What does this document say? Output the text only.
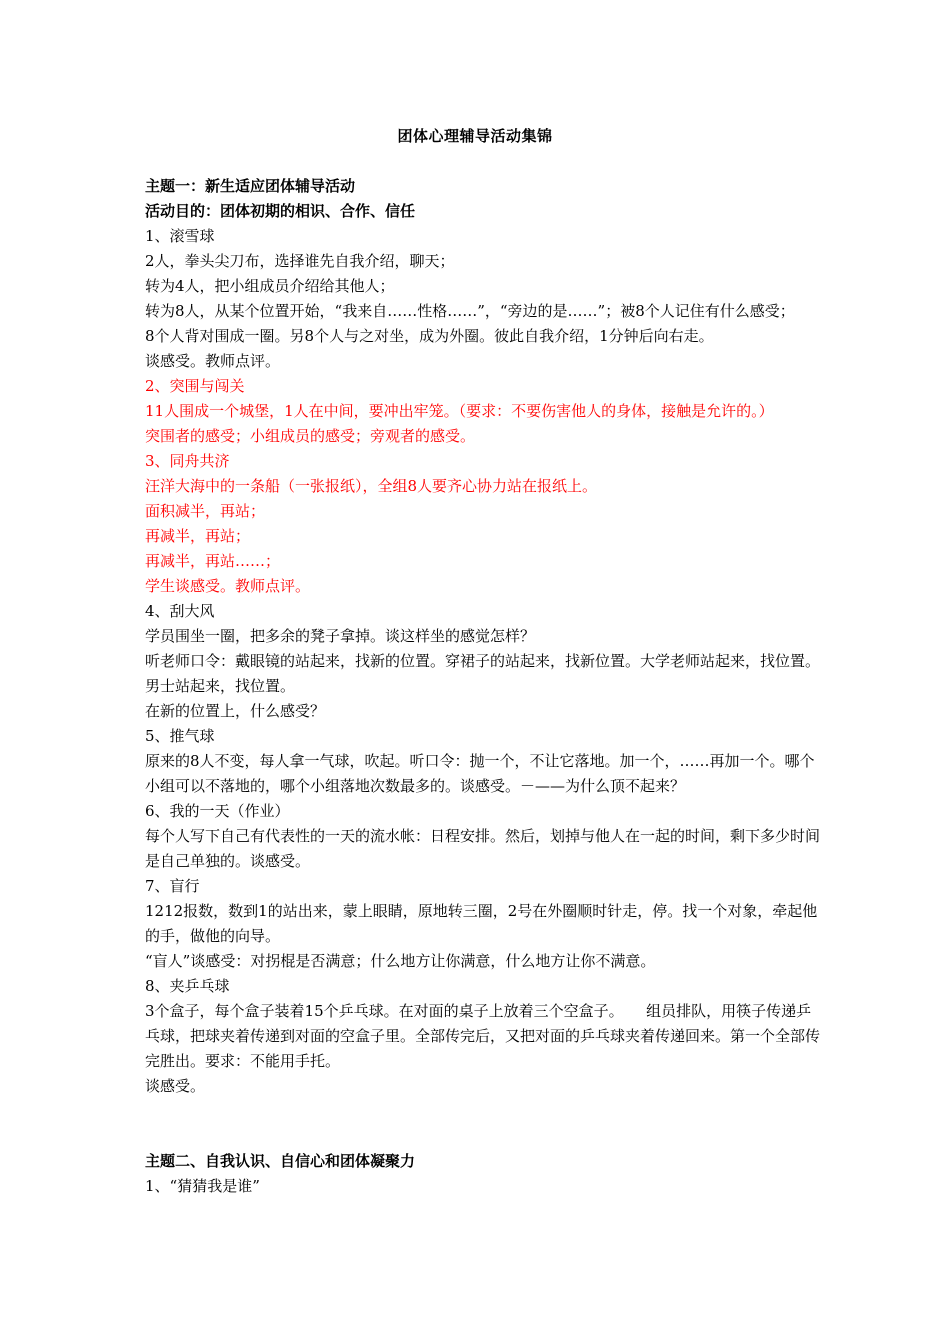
团体心理辅导活动集锦
主题一：新生适应团体辅导活动
活动目的：团体初期的相识、合作、信任
1、滚雪球
2人，拳头尖刀布，选择谁先自我介绍，聊天；
转为4人，把小组成员介绍给其他人；
转为8人，从某个位置开始，“我来自……性格……”，“旁边的是……”；被8个人记住有什么感受；
8个人背对围成一圈。另8个人与之对坐，成为外圈。彼此自我介绍，1分钟后向右走。
谈感受。教师点评。
2、突围与闯关
11人围成一个城堡，1人在中间，要冲出牢笼。（要求：不要伤害他人的身体，接触是允许的。）
突围者的感受；小组成员的感受；旁观者的感受。
3、同舟共济
汪洋大海中的一条船（一张报纸），全组8人要齐心协力站在报纸上。
面积减半，再站；
再减半，再站；
再减半，再站……；
学生谈感受。教师点评。
4、刮大风
学员围坐一圈，把多余的凳子拿掉。谈这样坐的感觉怎样？
听老师口令：戴眼镜的站起来，找新的位置。穿裙子的站起来，找新位置。大学老师站起来，找位置。男士站起来，找位置。
在新的位置上，什么感受？
5、推气球
原来的8人不变，每人拿一气球，吹起。听口令：抛一个，不让它落地。加一个，……再加一个。哪个小组可以不落地的，哪个小组落地次数最多的。谈感受。－——为什么顶不起来？
6、我的一天（作业）
每个人写下自己有代表性的一天的流水帐：日程安排。然后，划掉与他人在一起的时间，剩下多少时间是自己单独的。谈感受。
7、盲行
1212报数，数到1的站出来，蒙上眼睛，原地转三圈，2号在外圈顺时针走，停。找一个对象，牵起他的手，做他的向导。
“盲人”谈感受：对拐棍是否满意；什么地方让你满意，什么地方让你不满意。
8、夹乒乓球
3个盒子，每个盒子装着15个乒乓球。在对面的桌子上放着三个空盒子。　　组员排队，用筷子传递乒乓球，把球夹着传递到对面的空盒子里。全部传完后，又把对面的乒乓球夹着传递回来。第一个全部传完胜出。要求：不能用手托。
谈感受。
主题二、自我认识、自信心和团体凝聚力
1、“猜猜我是谁”
